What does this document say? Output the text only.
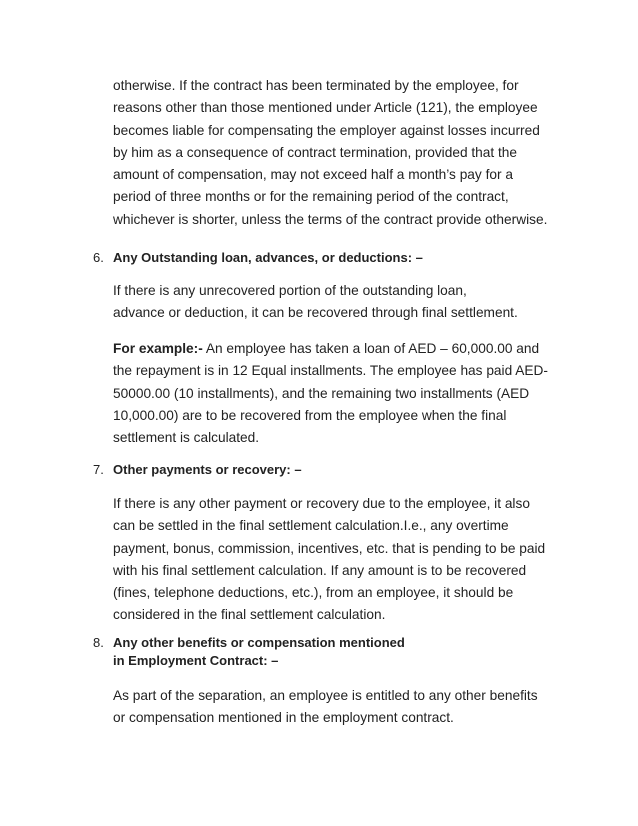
otherwise. If the contract has been terminated by the employee, for
reasons other than those mentioned under Article (121), the employee
becomes liable for compensating the employer against losses incurred
by him as a consequence of contract termination, provided that the
amount of compensation, may not exceed half a month’s pay for a
period of three months or for the remaining period of the contract,
whichever is shorter, unless the terms of the contract provide otherwise.

6. Any Outstanding loan, advances, or deductions: –

If there is any unrecovered portion of the outstanding loan,
advance or deduction, it can be recovered through final settlement.

For example:- An employee has taken a loan of AED – 60,000.00 and
the repayment is in 12 Equal installments. The employee has paid AED-
50000.00 (10 installments), and the remaining two installments (AED
10,000.00) are to be recovered from the employee when the final
settlement is calculated.

7. Other payments or recovery: –

If there is any other payment or recovery due to the employee, it also
can be settled in the final settlement calculation.I.e., any overtime
payment, bonus, commission, incentives, etc. that is pending to be paid
with his final settlement calculation. If any amount is to be recovered
(fines, telephone deductions, etc.), from an employee, it should be
considered in the final settlement calculation.

8. Any other benefits or compensation mentioned
in Employment Contract: –

As part of the separation, an employee is entitled to any other benefits
or compensation mentioned in the employment contract.
